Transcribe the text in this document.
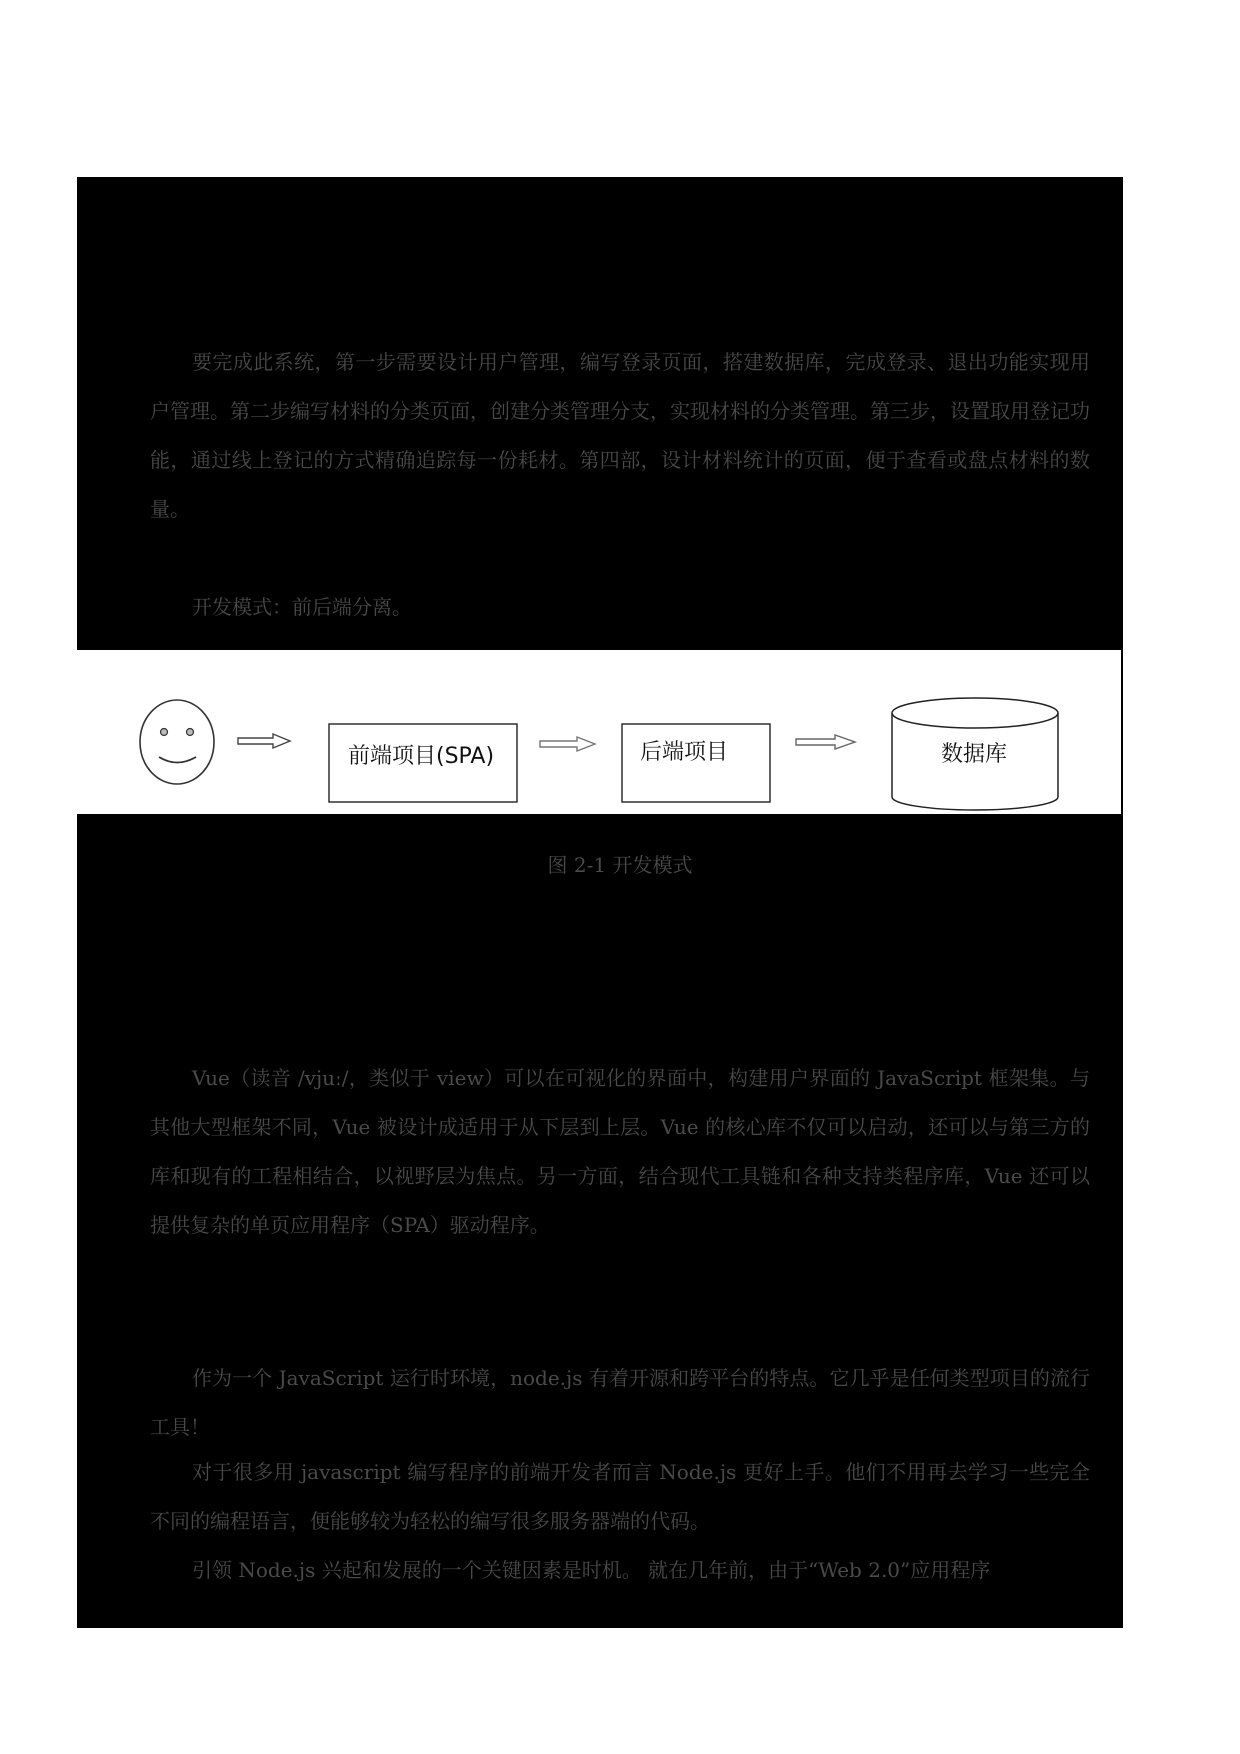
要完成此系统，第一步需要设计用户管理，编写登录页面，搭建数据库，完成登录、退出功能实现用户管理。第二步编写材料的分类页面，创建分类管理分支，实现材料的分类管理。第三步，设置取用登记功能，通过线上登记的方式精确追踪每一份耗材。第四部，设计材料统计的页面，便于查看或盘点材料的数量。

开发模式：前后端分离。

前端项目(SPA)	后端项目	数据库
图 2-1 开发模式

Vue（读音 /vjuː/，类似于 view）可以在可视化的界面中，构建用户界面的 JavaScript 框架集。与其他大型框架不同，Vue 被设计成适用于从下层到上层。Vue 的核心库不仅可以启动，还可以与第三方的库和现有的工程相结合，以视野层为焦点。另一方面，结合现代工具链和各种支持类程序库，Vue 还可以提供复杂的单页应用程序（SPA）驱动程序。

作为一个 JavaScript 运行时环境，node.js 有着开源和跨平台的特点。它几乎是任何类型项目的流行工具！

对于很多用 javascript 编写程序的前端开发者而言 Node.js 更好上手。他们不用再去学习一些完全不同的编程语言，便能够较为轻松的编写很多服务器端的代码。

引领 Node.js 兴起和发展的一个关键因素是时机。 就在几年前，由于“Web 2.0”应用程序
